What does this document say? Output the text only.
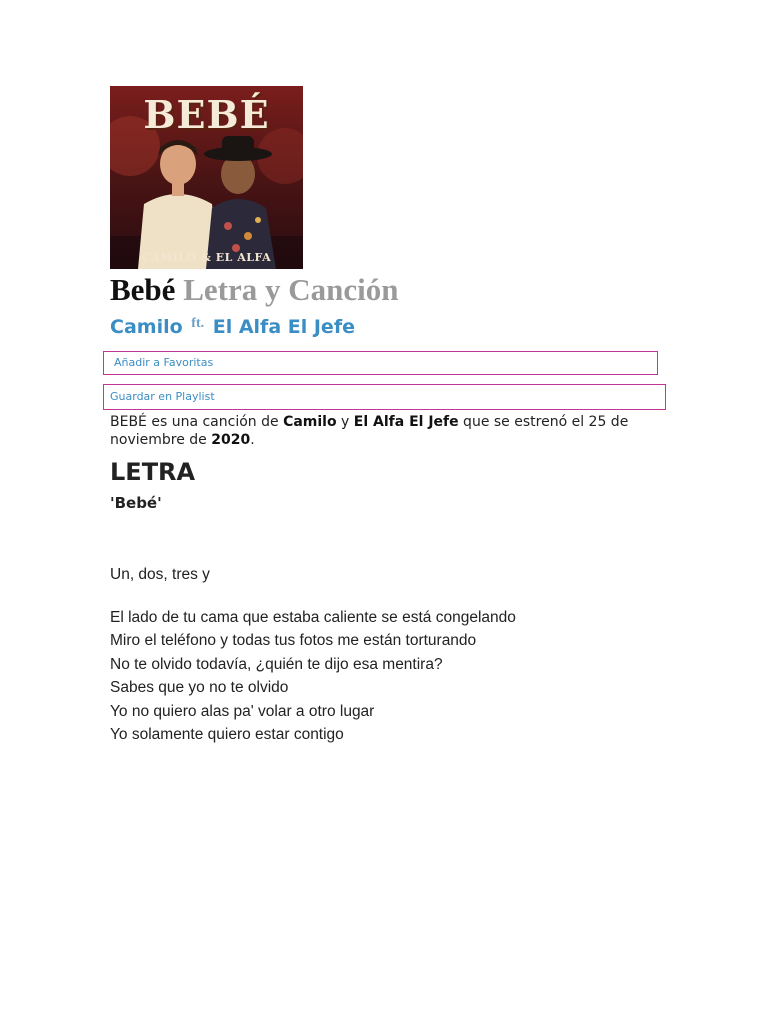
BEBÉ
CAMILO & EL ALFA
Bebé Letra y Canción
Camilo $^{ft.}$ El Alfa El Jefe
Añadir a Favoritas
Guardar en Playlist
BEBÉ es una canción de Camilo y El Alfa El Jefe que se estrenó el 25 de noviembre de 2020.
LETRA
'Bebé'
Un, dos, tres y
El lado de tu cama que estaba caliente se está congelando
Miro el teléfono y todas tus fotos me están torturando
No te olvido todavía, ¿quién te dijo esa mentira?
Sabes que yo no te olvido
Yo no quiero alas pa' volar a otro lugar
Yo solamente quiero estar contigo
